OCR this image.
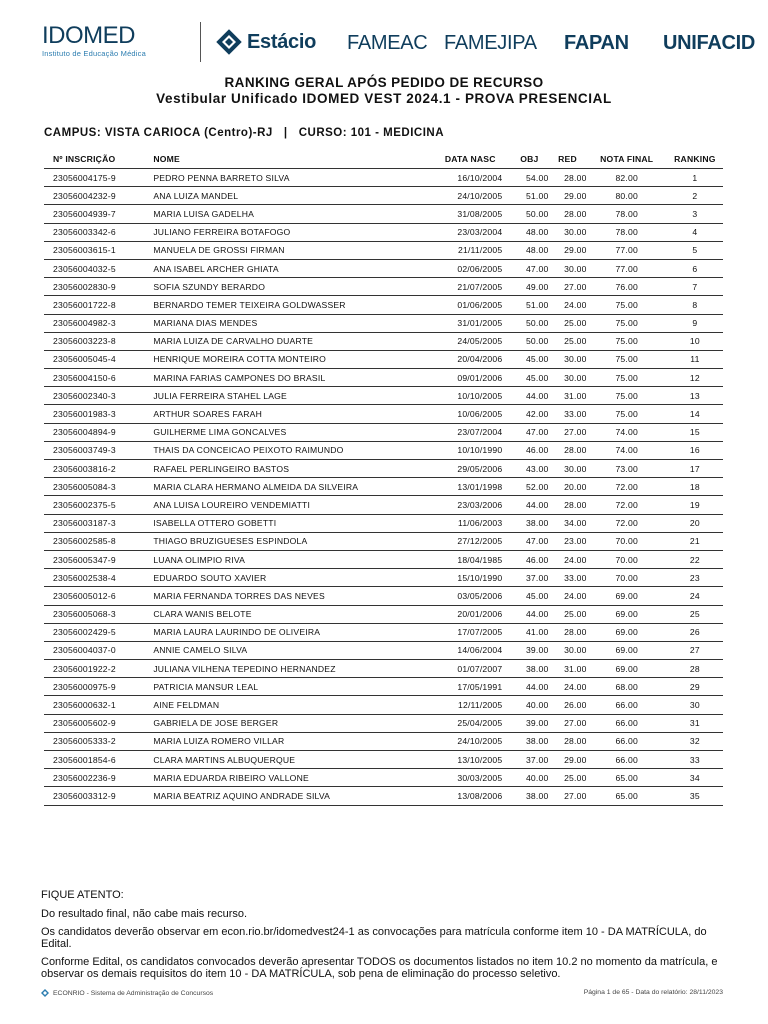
IDOMED
Instituto de Educação Médica
Estácio FAMEAC FAMEJIPA FAPAN UNIFACID
RANKING GERAL APÓS PEDIDO DE RECURSO
Vestibular Unificado IDOMED VEST 2024.1 - PROVA PRESENCIAL
CAMPUS: VISTA CARIOCA (Centro)-RJ   |   CURSO: 101 - MEDICINA
Nº INSCRIÇÃO	NOME	DATA NASC	OBJ	RED	NOTA FINAL	RANKING
23056004175-9	PEDRO PENNA BARRETO SILVA	16/10/2004	54.00	28.00	82.00	1
23056004232-9	ANA LUIZA MANDEL	24/10/2005	51.00	29.00	80.00	2
23056004939-7	MARIA LUISA GADELHA	31/08/2005	50.00	28.00	78.00	3
23056003342-6	JULIANO FERREIRA BOTAFOGO	23/03/2004	48.00	30.00	78.00	4
23056003615-1	MANUELA DE GROSSI FIRMAN	21/11/2005	48.00	29.00	77.00	5
23056004032-5	ANA ISABEL ARCHER GHIATA	02/06/2005	47.00	30.00	77.00	6
23056002830-9	SOFIA SZUNDY BERARDO	21/07/2005	49.00	27.00	76.00	7
23056001722-8	BERNARDO TEMER TEIXEIRA GOLDWASSER	01/06/2005	51.00	24.00	75.00	8
23056004982-3	MARIANA DIAS MENDES	31/01/2005	50.00	25.00	75.00	9
23056003223-8	MARIA LUIZA DE CARVALHO DUARTE	24/05/2005	50.00	25.00	75.00	10
23056005045-4	HENRIQUE MOREIRA COTTA MONTEIRO	20/04/2006	45.00	30.00	75.00	11
23056004150-6	MARINA FARIAS CAMPONES DO BRASIL	09/01/2006	45.00	30.00	75.00	12
23056002340-3	JULIA FERREIRA STAHEL LAGE	10/10/2005	44.00	31.00	75.00	13
23056001983-3	ARTHUR SOARES FARAH	10/06/2005	42.00	33.00	75.00	14
23056004894-9	GUILHERME LIMA GONCALVES	23/07/2004	47.00	27.00	74.00	15
23056003749-3	THAIS DA CONCEICAO PEIXOTO RAIMUNDO	10/10/1990	46.00	28.00	74.00	16
23056003816-2	RAFAEL PERLINGEIRO BASTOS	29/05/2006	43.00	30.00	73.00	17
23056005084-3	MARIA CLARA HERMANO ALMEIDA DA SILVEIRA	13/01/1998	52.00	20.00	72.00	18
23056002375-5	ANA LUISA LOUREIRO VENDEMIATTI	23/03/2006	44.00	28.00	72.00	19
23056003187-3	ISABELLA OTTERO GOBETTI	11/06/2003	38.00	34.00	72.00	20
23056002585-8	THIAGO BRUZIGUESES ESPINDOLA	27/12/2005	47.00	23.00	70.00	21
23056005347-9	LUANA OLIMPIO RIVA	18/04/1985	46.00	24.00	70.00	22
23056002538-4	EDUARDO SOUTO XAVIER	15/10/1990	37.00	33.00	70.00	23
23056005012-6	MARIA FERNANDA TORRES DAS NEVES	03/05/2006	45.00	24.00	69.00	24
23056005068-3	CLARA WANIS BELOTE	20/01/2006	44.00	25.00	69.00	25
23056002429-5	MARIA LAURA LAURINDO DE OLIVEIRA	17/07/2005	41.00	28.00	69.00	26
23056004037-0	ANNIE CAMELO SILVA	14/06/2004	39.00	30.00	69.00	27
23056001922-2	JULIANA VILHENA TEPEDINO HERNANDEZ	01/07/2007	38.00	31.00	69.00	28
23056000975-9	PATRICIA MANSUR LEAL	17/05/1991	44.00	24.00	68.00	29
23056000632-1	AINE FELDMAN	12/11/2005	40.00	26.00	66.00	30
23056005602-9	GABRIELA DE JOSE BERGER	25/04/2005	39.00	27.00	66.00	31
23056005333-2	MARIA LUIZA ROMERO VILLAR	24/10/2005	38.00	28.00	66.00	32
23056001854-6	CLARA MARTINS ALBUQUERQUE	13/10/2005	37.00	29.00	66.00	33
23056002236-9	MARIA EDUARDA RIBEIRO VALLONE	30/03/2005	40.00	25.00	65.00	34
23056003312-9	MARIA BEATRIZ AQUINO ANDRADE SILVA	13/08/2006	38.00	27.00	65.00	35

FIQUE ATENTO:

Do resultado final, não cabe mais recurso.

Os candidatos deverão observar em econ.rio.br/idomedvest24-1 as convocações para matrícula conforme item 10 - DA MATRÍCULA, do Edital.

Conforme Edital, os candidatos convocados deverão apresentar TODOS os documentos listados no item 10.2 no momento da matrícula, e observar os demais requisitos do item 10 - DA MATRÍCULA, sob pena de eliminação do processo seletivo.

ECONRIO - Sistema de Administração de Concursos	Página 1 de 65 - Data do relatório: 28/11/2023
